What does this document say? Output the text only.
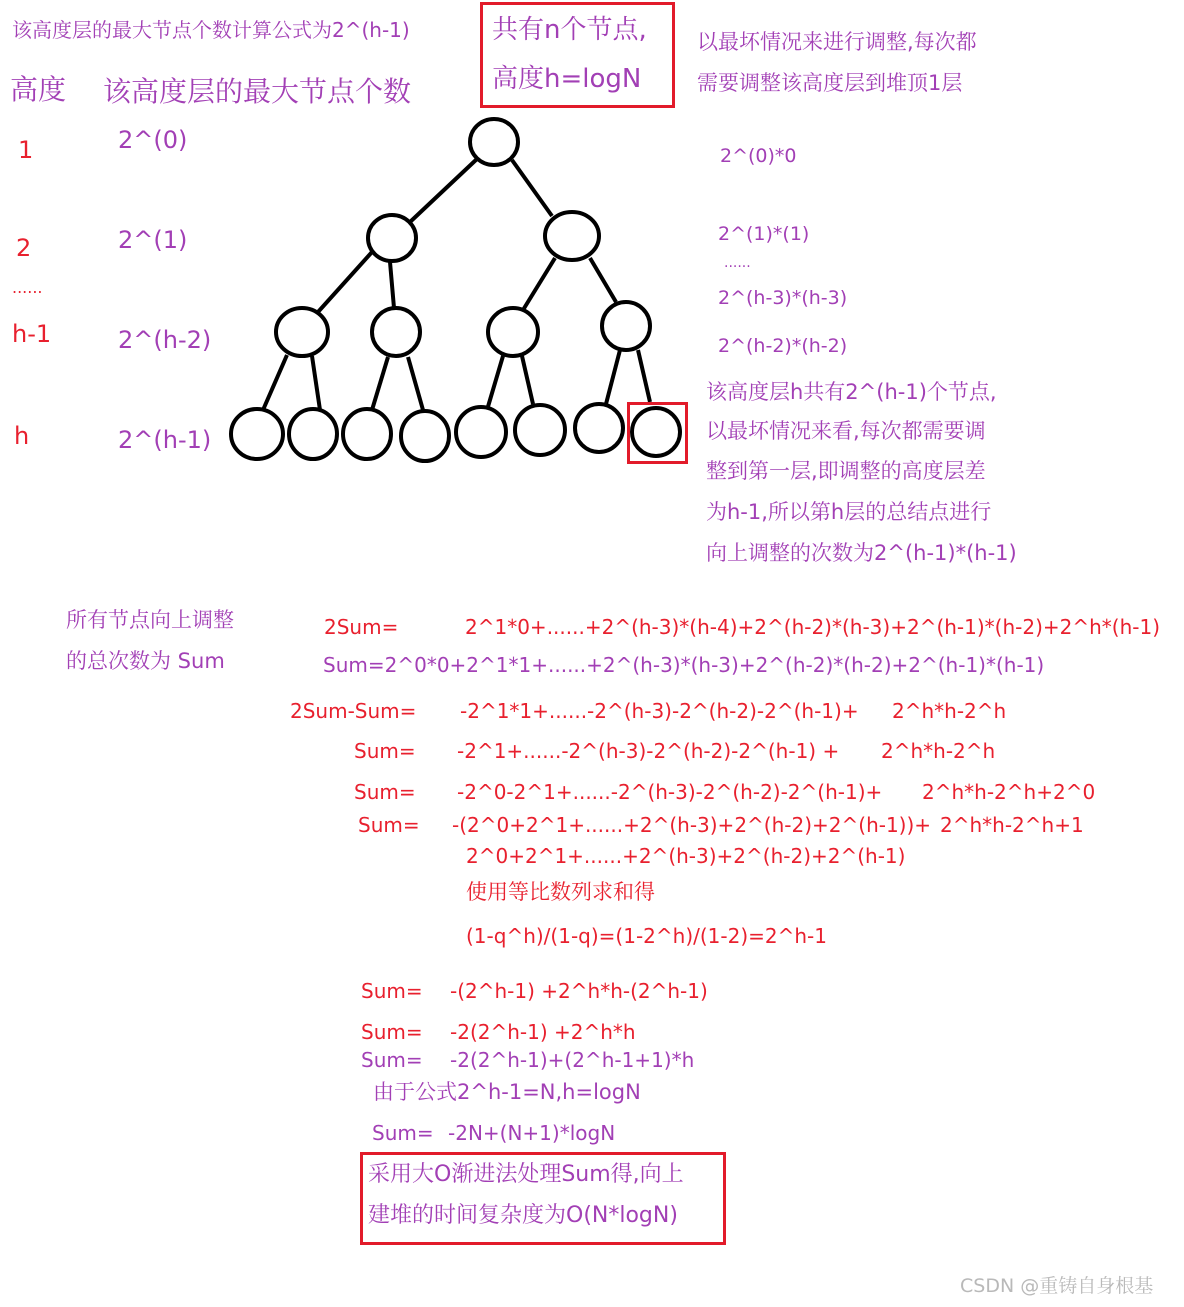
该高度层的最大节点个数计算公式为2^(h-1)	共有n个节点,
高度h=logN
以最坏情况来进行调整,每次都
需要调整该高度层到堆顶1层
高度 该高度层的最大节点个数
1	2^(0)
2	2^(1)
......
h-1	2^(h-2)
h	2^(h-1)
2^(0)*0
2^(1)*(1)
......
2^(h-3)*(h-3)
2^(h-2)*(h-2)
该高度层h共有2^(h-1)个节点,
以最坏情况来看,每次都需要调
整到第一层,即调整的高度层差
为h-1,所以第h层的总结点进行
向上调整的次数为2^(h-1)*(h-1)
所有节点向上调整
的总次数为 Sum
2Sum=	2^1*0+......+2^(h-3)*(h-4)+2^(h-2)*(h-3)+2^(h-1)*(h-2)+2^h*(h-1)
Sum=2^0*0+2^1*1+......+2^(h-3)*(h-3)+2^(h-2)*(h-2)+2^(h-1)*(h-1)
2Sum-Sum= -2^1*1+......-2^(h-3)-2^(h-2)-2^(h-1)+ 2^h*h-2^h
Sum= -2^1+......-2^(h-3)-2^(h-2)-2^(h-1) + 2^h*h-2^h
Sum= -2^0-2^1+......-2^(h-3)-2^(h-2)-2^(h-1)+ 2^h*h-2^h+2^0
Sum= -(2^0+2^1+......+2^(h-3)+2^(h-2)+2^(h-1))+ 2^h*h-2^h+1
2^0+2^1+......+2^(h-3)+2^(h-2)+2^(h-1)
使用等比数列求和得
(1-q^h)/(1-q)=(1-2^h)/(1-2)=2^h-1
Sum= -(2^h-1) +2^h*h-(2^h-1)
Sum= -2(2^h-1) +2^h*h
Sum= -2(2^h-1)+(2^h-1+1)*h
由于公式2^h-1=N,h=logN
Sum= -2N+(N+1)*logN
采用大O渐进法处理Sum得,向上
建堆的时间复杂度为O(N*logN)
CSDN @重铸自身根基
